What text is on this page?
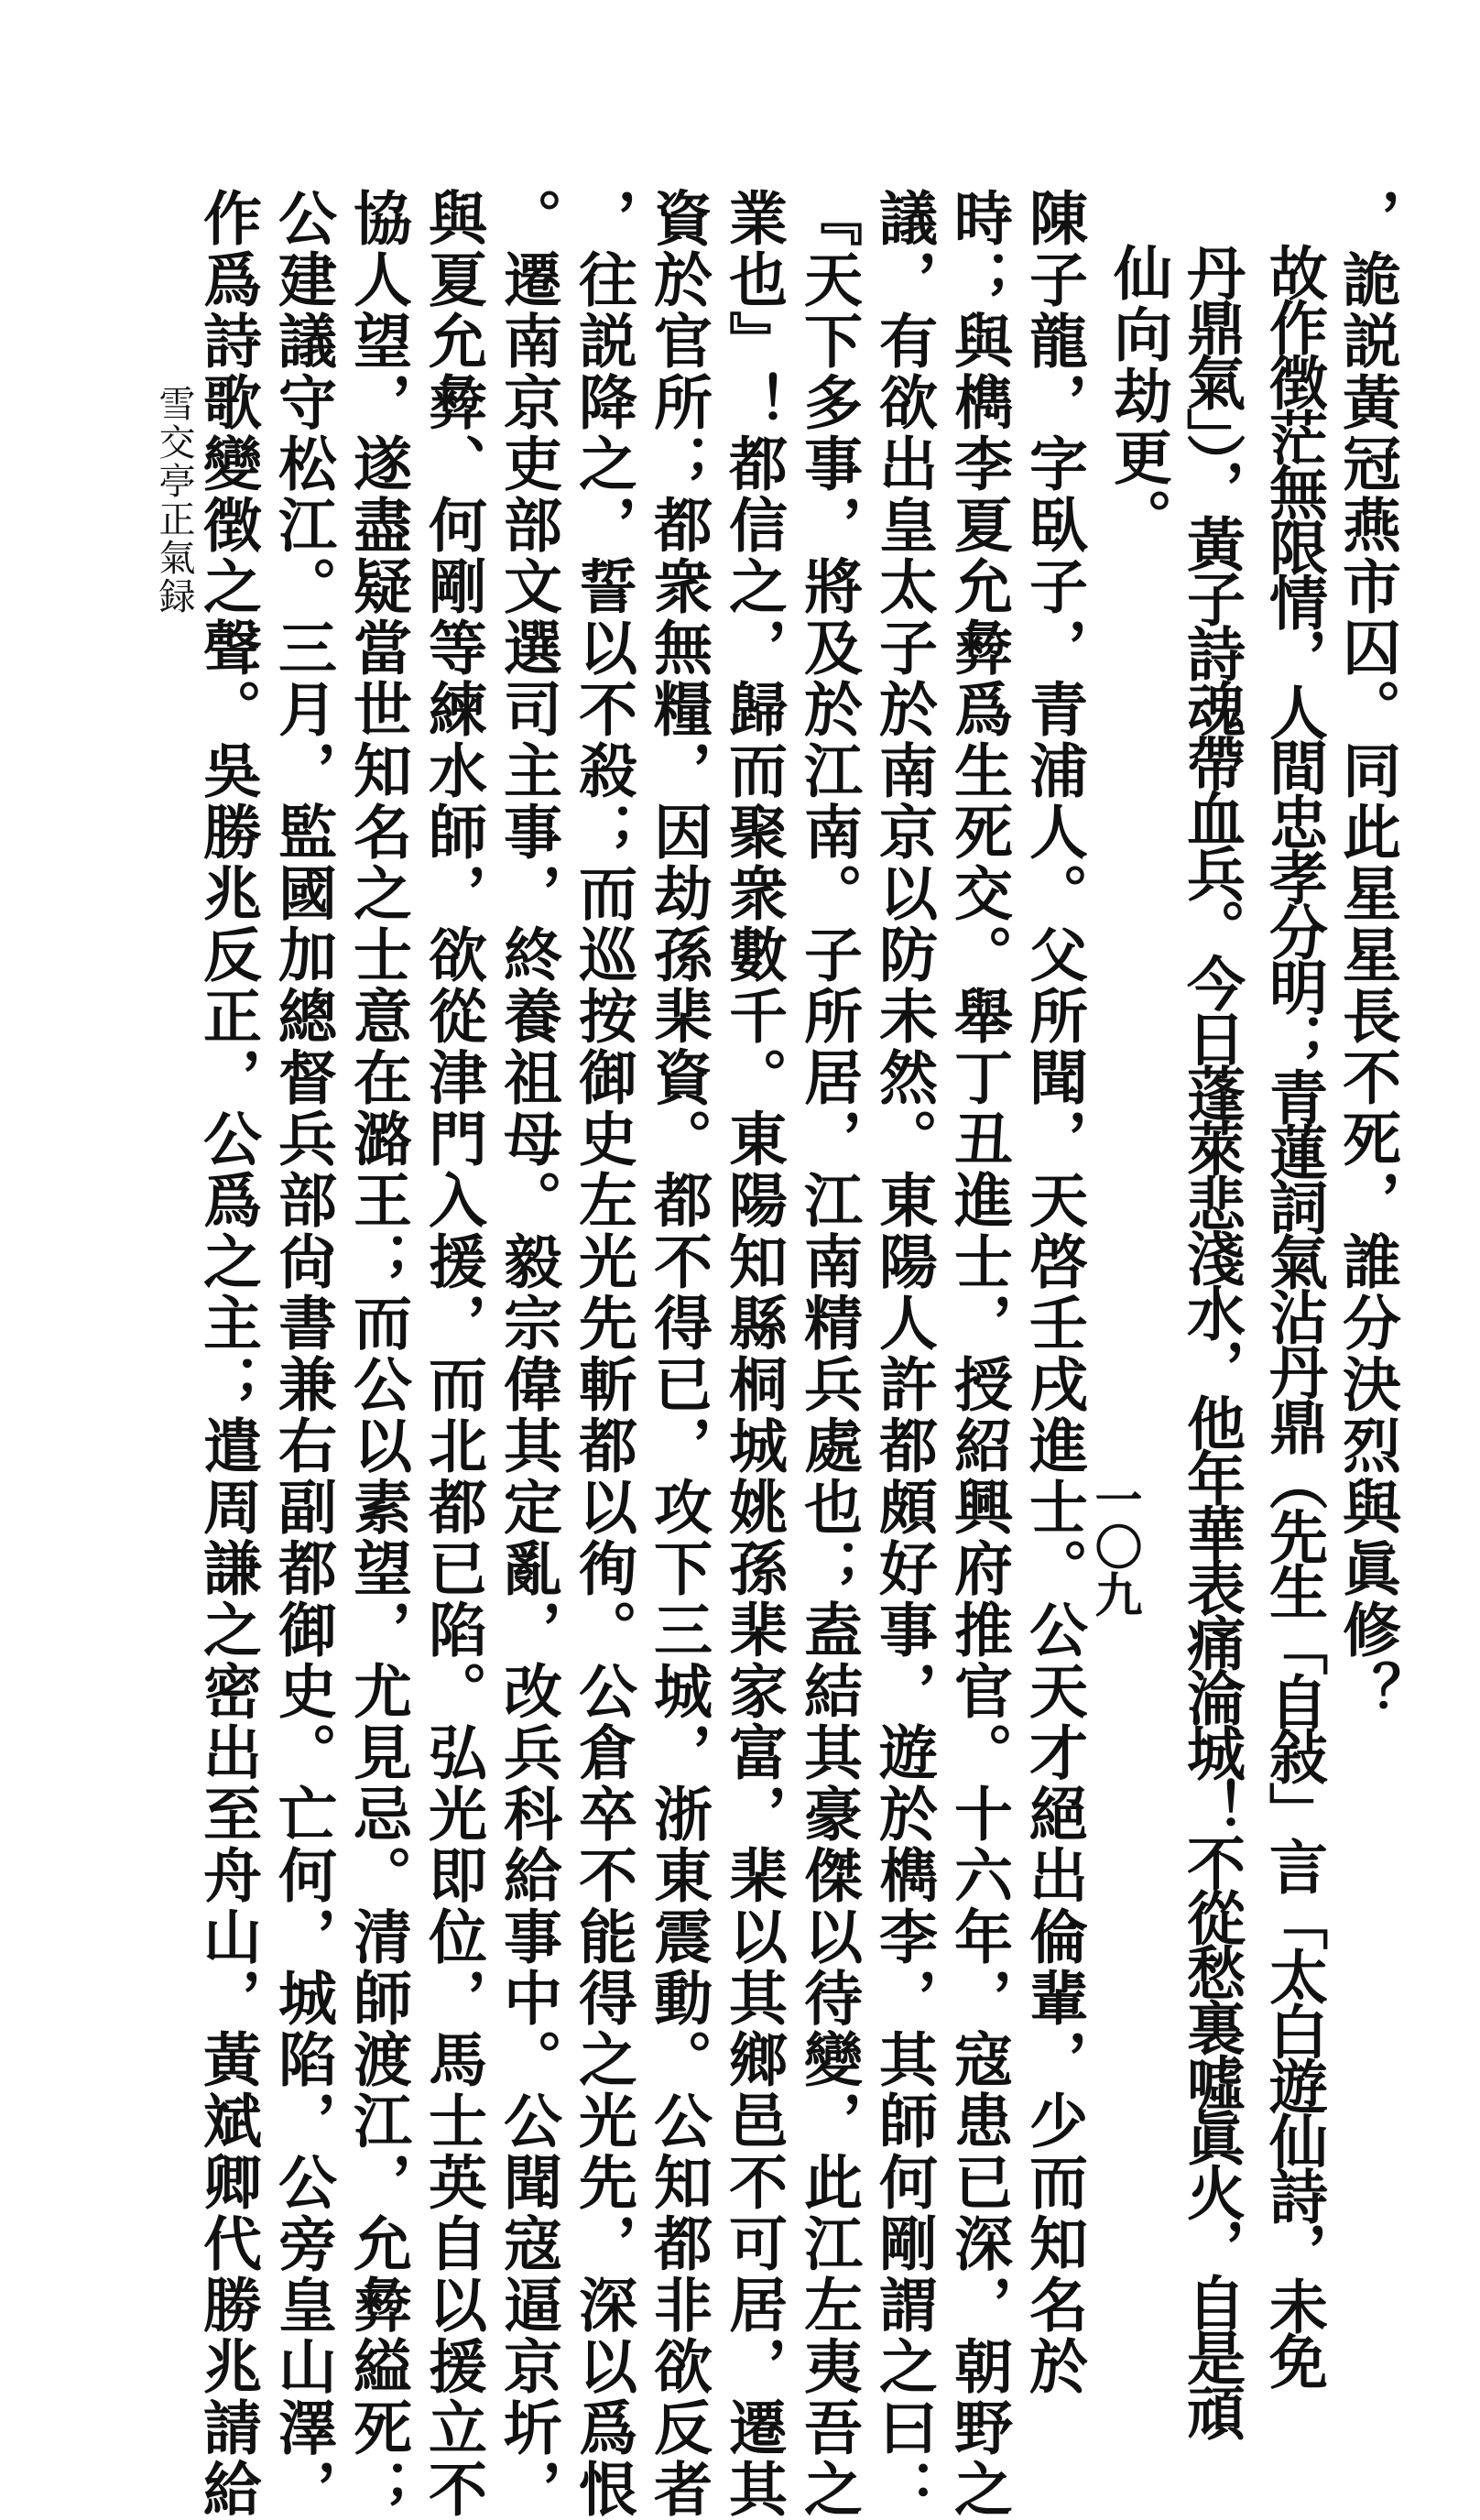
，詭説黃冠燕市囚。同此星星長不死，誰分決烈與眞修？
故作徴茫無限情，人間忠孝分明；青蓮詞氣沾丹鼎（先生「自敍」言「太白遊仙詩，未免
丹鼎氣」），黃子詩魂帶血兵。今日蓬萊悲淺水，他年華表痛淪城！不從愁裏噓眞火，自是頑
仙向劫更。
陳子龍，字臥子，青浦人。父所聞，天啓壬戌進士。公天才絕出倫輩，少而知名於
時；與檇李夏允彜爲生死交。舉丁丑進士，授紹興府推官。十六年，寇患已深，朝野之
議，有欲出皇太子於南京以防未然。東陽人許都頗好事，遊於檇李，其師何剛謂之曰：
『天下多事，將及於江南。子所居，江南精兵處也；盍結其豪傑以待變，此江左夷吾之
業也』！都信之，歸而聚衆數千。東陽知縣桐城姚孫棐家富，棐以其鄉邑不可居，遷其
資於官所；都衆無糧，因劫孫棐資。都不得已，攻下三城，浙東震動。公知都非欲反者
，往説降之，誓以不殺；而巡按御史左光先斬都以徇。公倉卒不能得之光先，深以爲恨
。遷南京吏部文選司主事，終養祖母。毅宗偉其定亂，改兵科給事中。公聞寇逼京圻，
與夏允彜、何剛等練水師，欲從津門入援，而北都已陷。弘光即位，馬士英自以援立不
協人望，遂盡疑當世知名之士意在潞王；而公以素望，尤見忌。清師渡江，允彜縊死；
公建議守松江。三月，監國加總督兵部尙書兼右副都御史。亡何，城陷，公旁皇山澤，
作爲詩歌變徴之聲。吳勝兆反正，公爲之主；遣周謙之密出至舟山，黃斌卿代勝兆請給
雪交亭正氣録
一〇九
